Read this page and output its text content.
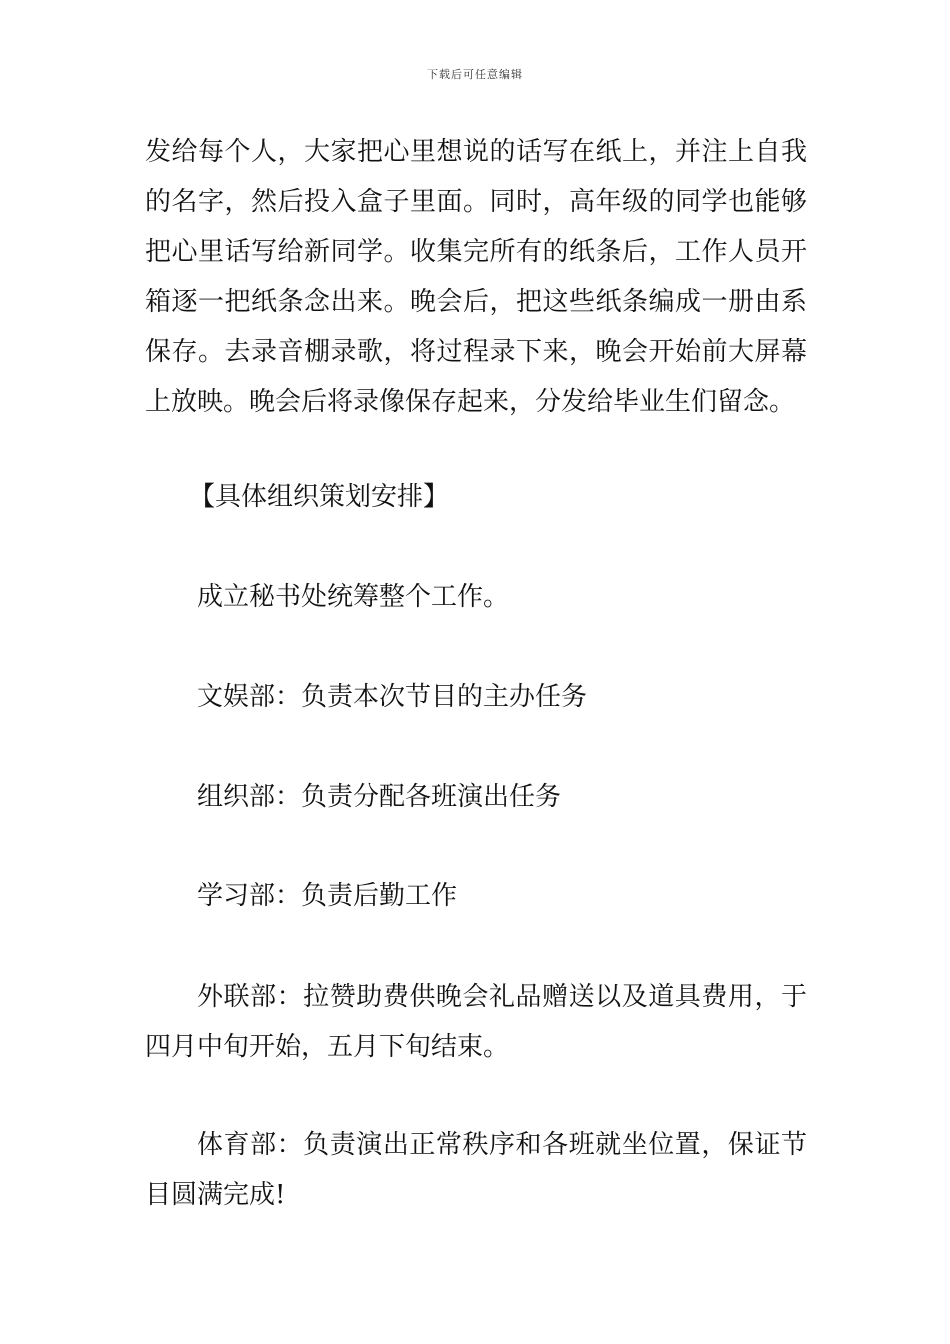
下载后可任意编辑

发给每个人，大家把心里想说的话写在纸上，并注上自我的名字，然后投入盒子里面。同时，高年级的同学也能够把心里话写给新同学。收集完所有的纸条后，工作人员开箱逐一把纸条念出来。晚会后，把这些纸条编成一册由系保存。去录音棚录歌，将过程录下来，晚会开始前大屏幕上放映。晚会后将录像保存起来，分发给毕业生们留念。

【具体组织策划安排】

成立秘书处统筹整个工作。

文娱部：负责本次节目的主办任务

组织部：负责分配各班演出任务

学习部：负责后勤工作

外联部：拉赞助费供晚会礼品赠送以及道具费用，于四月中旬开始，五月下旬结束。

体育部：负责演出正常秩序和各班就坐位置，保证节目圆满完成!
